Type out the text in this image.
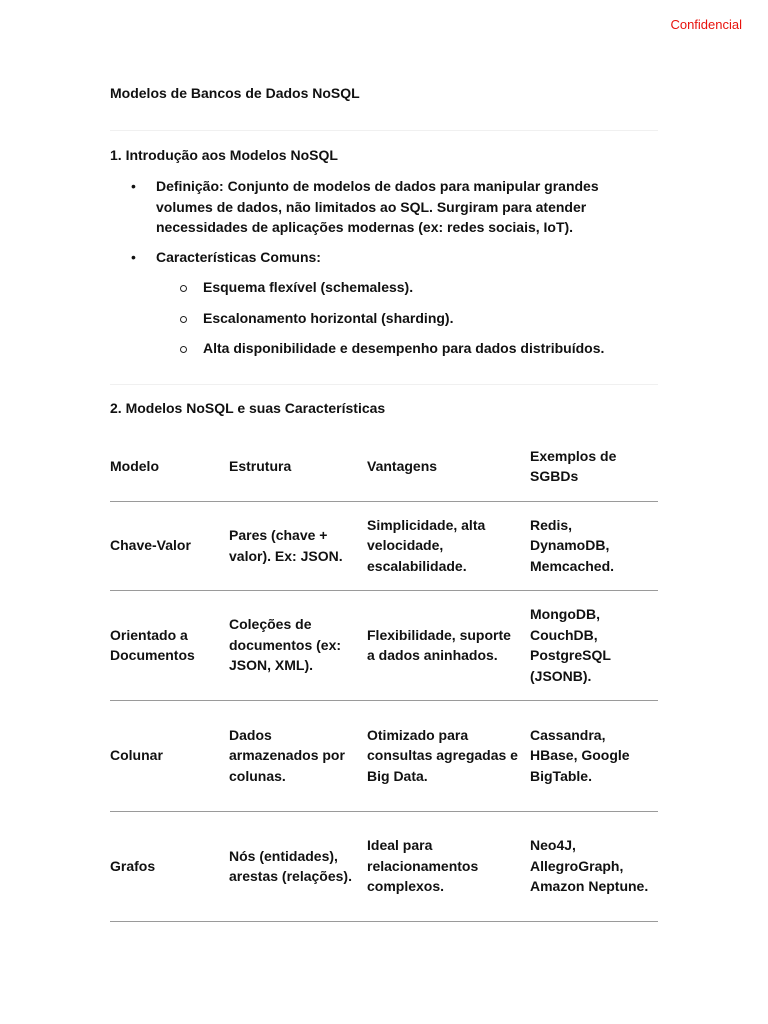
Confidencial
Modelos de Bancos de Dados NoSQL
1. Introdução aos Modelos NoSQL
• Definição: Conjunto de modelos de dados para manipular grandes volumes de dados, não limitados ao SQL. Surgiram para atender necessidades de aplicações modernas (ex: redes sociais, IoT).
• Características Comuns:
Esquema flexível (schemaless).
Escalonamento horizontal (sharding).
Alta disponibilidade e desempenho para dados distribuídos.
2. Modelos NoSQL e suas Características
Modelo	Estrutura	Vantagens	Exemplos de SGBDs
Chave-Valor	Pares (chave + valor). Ex: JSON.	Simplicidade, alta velocidade, escalabilidade.	Redis, DynamoDB, Memcached.
Orientado a Documentos	Coleções de documentos (ex: JSON, XML).	Flexibilidade, suporte a dados aninhados.	MongoDB, CouchDB, PostgreSQL (JSONB).
Colunar	Dados armazenados por colunas.	Otimizado para consultas agregadas e Big Data.	Cassandra, HBase, Google BigTable.
Grafos	Nós (entidades), arestas (relações).	Ideal para relacionamentos complexos.	Neo4J, AllegroGraph, Amazon Neptune.
